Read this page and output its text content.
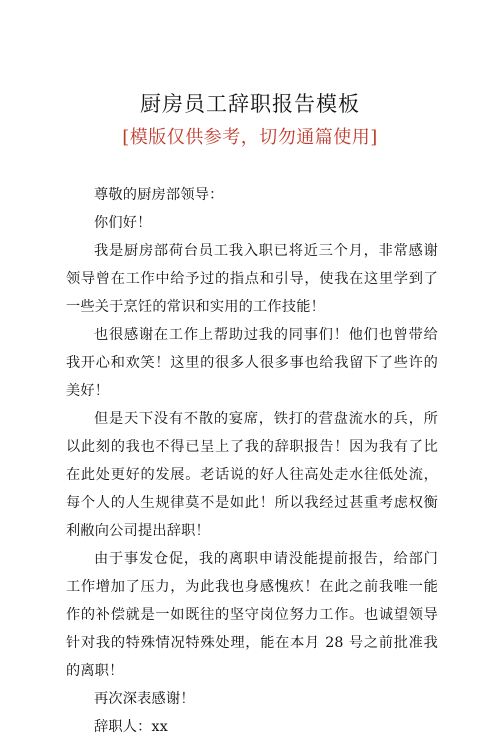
厨房员工辞职报告模板
[模版仅供参考，切勿通篇使用]

尊敬的厨房部领导：

你们好！

我是厨房部荷台员工我入职已将近三个月，非常感谢领导曾在工作中给予过的指点和引导，使我在这里学到了一些关于烹饪的常识和实用的工作技能！

也很感谢在工作上帮助过我的同事们！他们也曾带给我开心和欢笑！这里的很多人很多事也给我留下了些许的美好！

但是天下没有不散的宴席，铁打的营盘流水的兵，所以此刻的我也不得已呈上了我的辞职报告！因为我有了比在此处更好的发展。老话说的好人往高处走水往低处流，每个人的人生规律莫不是如此！所以我经过甚重考虑权衡利敝向公司提出辞职！

由于事发仓促，我的离职申请没能提前报告，给部门工作增加了压力，为此我也身感愧疚！在此之前我唯一能作的补偿就是一如既往的坚守岗位努力工作。也诚望领导针对我的特殊情况特殊处理，能在本月 28 号之前批准我的离职！

再次深表感谢！

辞职人：xx
